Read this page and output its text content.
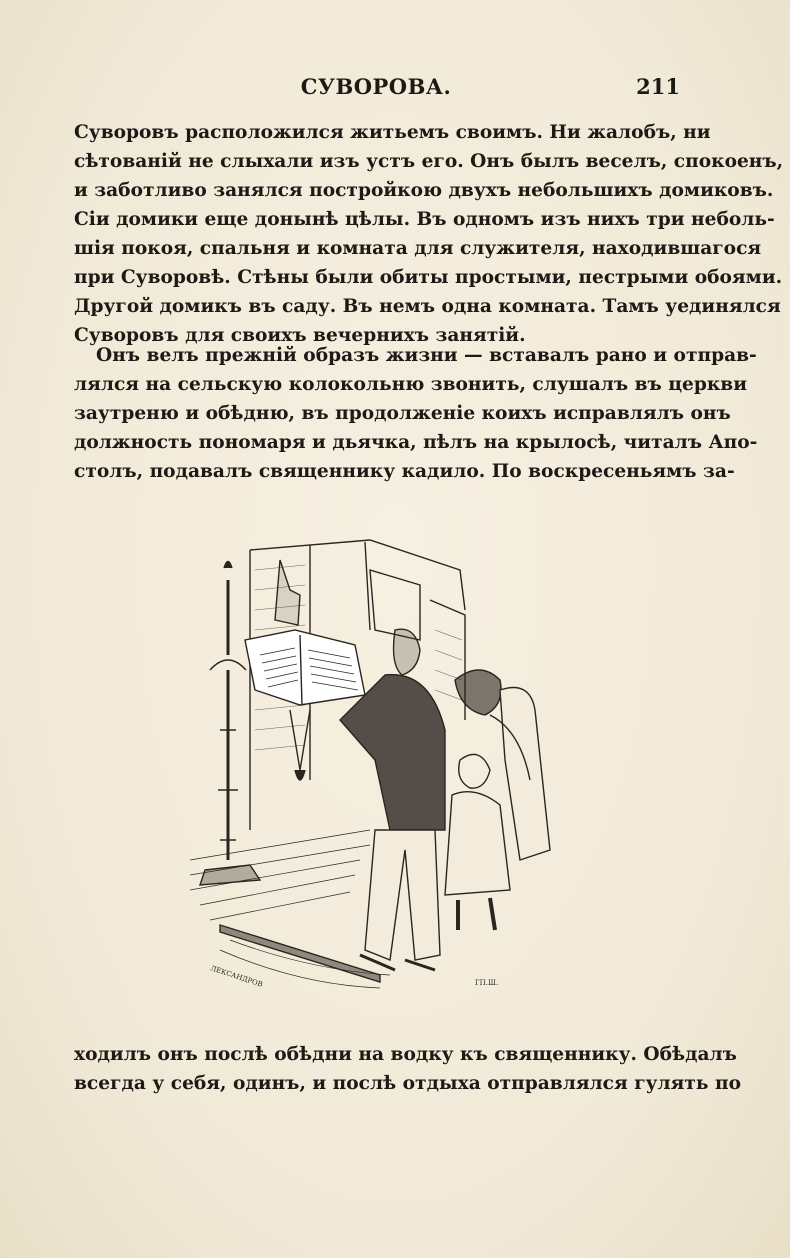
СУВОРОВА.	211
Суворовъ расположился житьемъ своимъ. Ни жалобъ, ни
сѣтованій не слыхали изъ устъ его. Онъ былъ веселъ, спокоенъ,
и заботливо занялся постройкою двухъ небольшихъ домиковъ.
Сіи домики еще донынѣ цѣлы. Въ одномъ изъ нихъ три неболь-
шія покоя, спальня и комната для служителя, находившагося
при Суворовѣ. Стѣны были обиты простыми, пестрыми обоями.
Другой домикъ въ саду. Въ немъ одна комната. Тамъ уединялся
Суворовъ для своихъ вечернихъ занятій.
Онъ велъ прежній образъ жизни — вставалъ рано и отправ-
лялся на сельскую колокольню звонить, слушалъ въ церкви
заутреню и обѣдню, въ продолженіе коихъ исправлялъ онъ
должность пономаря и дьячка, пѣлъ на крылосѣ, читалъ Апо-
столъ, подавалъ священнику кадило. По воскресеньямъ за-
ЛЕКСАНДРОВ	ГП.Ш.
ходилъ онъ послѣ обѣдни на водку къ священнику. Обѣдалъ
всегда у себя, одинъ, и послѣ отдыха отправлялся гулять по
